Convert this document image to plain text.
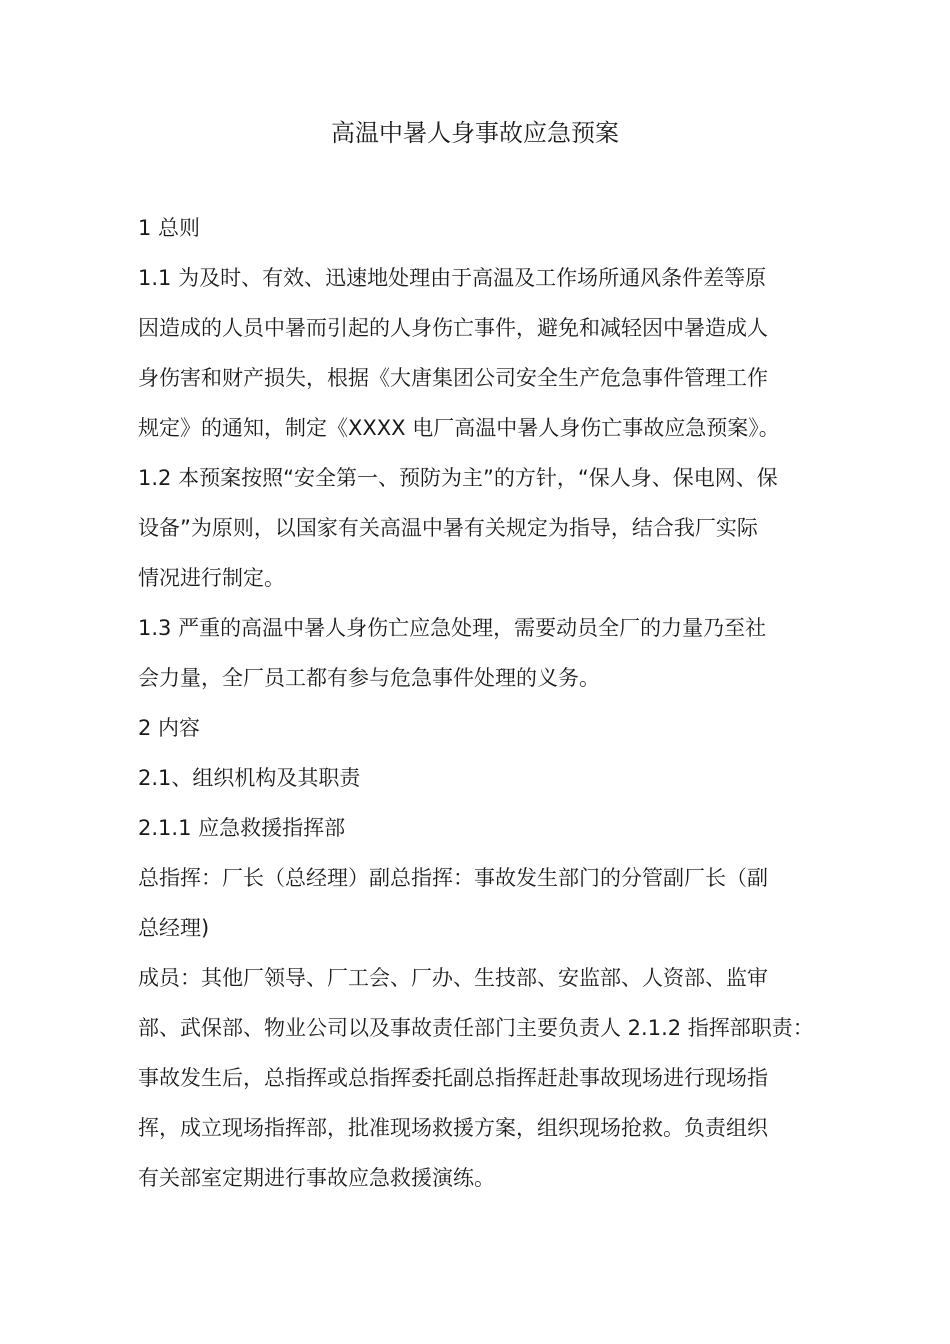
高温中暑人身事故应急预案

1 总则

1.1 为及时、有效、迅速地处理由于高温及工作场所通风条件差等原

因造成的人员中暑而引起的人身伤亡事件，避免和减轻因中暑造成人

身伤害和财产损失，根据《大唐集团公司安全生产危急事件管理工作

规定》的通知，制定《XXXX 电厂高温中暑人身伤亡事故应急预案》。

1.2 本预案按照“安全第一、预防为主”的方针，“保人身、保电网、保

设备”为原则，以国家有关高温中暑有关规定为指导，结合我厂实际

情况进行制定。

1.3 严重的高温中暑人身伤亡应急处理，需要动员全厂的力量乃至社

会力量，全厂员工都有参与危急事件处理的义务。

2 内容

2.1、组织机构及其职责

2.1.1 应急救援指挥部

总指挥：厂长（总经理）副总指挥：事故发生部门的分管副厂长（副

总经理)

成员：其他厂领导、厂工会、厂办、生技部、安监部、人资部、监审

部、武保部、物业公司以及事故责任部门主要负责人 2.1.2 指挥部职责：

事故发生后，总指挥或总指挥委托副总指挥赶赴事故现场进行现场指

挥，成立现场指挥部，批准现场救援方案，组织现场抢救。负责组织

有关部室定期进行事故应急救援演练。
